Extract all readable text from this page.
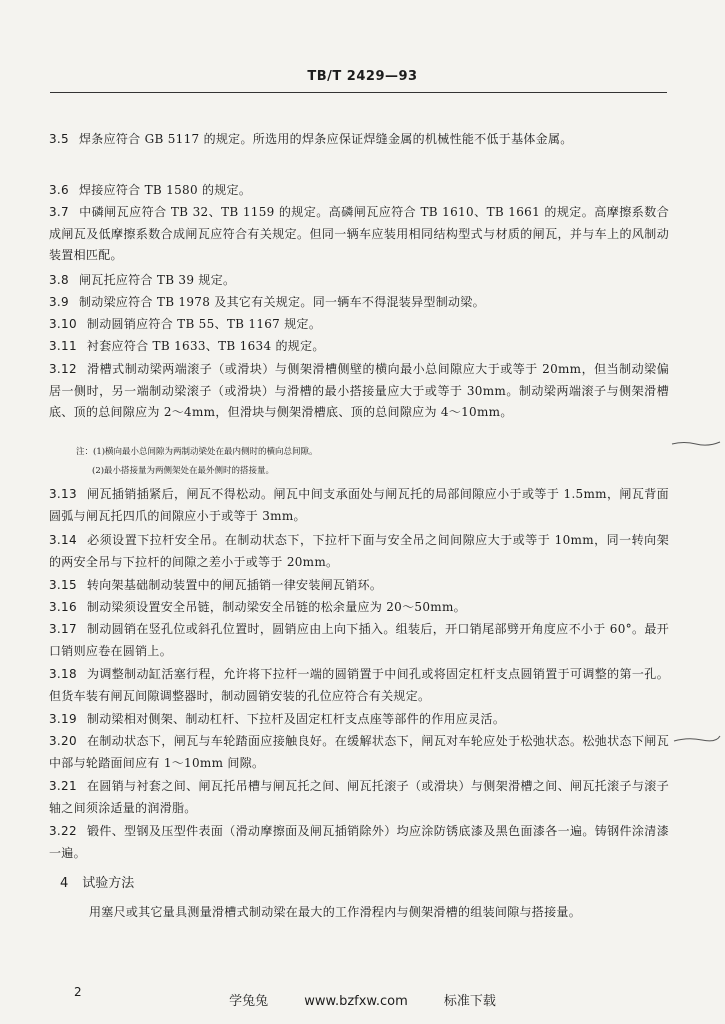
TB/T 2429—93
3.5 焊条应符合 GB 5117 的规定。所选用的焊条应保证焊缝金属的机械性能不低于基体金属。
3.6 焊接应符合 TB 1580 的规定。
3.7 中磷闸瓦应符合 TB 32、TB 1159 的规定。高磷闸瓦应符合 TB 1610、TB 1661 的规定。高摩擦系数合成闸瓦及低摩擦系数合成闸瓦应符合有关规定。但同一辆车应装用相同结构型式与材质的闸瓦，并与车上的风制动装置相匹配。
3.8 闸瓦托应符合 TB 39 规定。
3.9 制动梁应符合 TB 1978 及其它有关规定。同一辆车不得混装异型制动梁。
3.10 制动圆销应符合 TB 55、TB 1167 规定。
3.11 衬套应符合 TB 1633、TB 1634 的规定。
3.12 滑槽式制动梁两端滚子（或滑块）与侧架滑槽侧壁的横向最小总间隙应大于或等于 20mm，但当制动梁偏居一侧时，另一端制动梁滚子（或滑块）与滑槽的最小搭接量应大于或等于 30mm。制动梁两端滚子与侧架滑槽底、顶的总间隙应为 2～4mm，但滑块与侧架滑槽底、顶的总间隙应为 4～10mm。
注：(1)横向最小总间隙为两制动梁处在最内侧时的横向总间隙。
(2)最小搭接量为两侧架处在最外侧时的搭接量。
3.13 闸瓦插销插紧后，闸瓦不得松动。闸瓦中间支承面处与闸瓦托的局部间隙应小于或等于 1.5mm，闸瓦背面圆弧与闸瓦托四爪的间隙应小于或等于 3mm。
3.14 必须设置下拉杆安全吊。在制动状态下，下拉杆下面与安全吊之间间隙应大于或等于 10mm，同一转向架的两安全吊与下拉杆的间隙之差小于或等于 20mm。
3.15 转向架基础制动装置中的闸瓦插销一律安装闸瓦销环。
3.16 制动梁须设置安全吊链，制动梁安全吊链的松余量应为 20～50mm。
3.17 制动圆销在竖孔位或斜孔位置时，圆销应由上向下插入。组装后，开口销尾部劈开角度应不小于 60°。最开口销则应卷在圆销上。
3.18 为调整制动缸活塞行程，允许将下拉杆一端的圆销置于中间孔或将固定杠杆支点圆销置于可调整的第一孔。但货车装有闸瓦间隙调整器时，制动圆销安装的孔位应符合有关规定。
3.19 制动梁相对侧架、制动杠杆、下拉杆及固定杠杆支点座等部件的作用应灵活。
3.20 在制动状态下，闸瓦与车轮踏面应接触良好。在缓解状态下，闸瓦对车轮应处于松弛状态。松弛状态下闸瓦中部与轮踏面间应有 1～10mm 间隙。
3.21 在圆销与衬套之间、闸瓦托吊槽与闸瓦托之间、闸瓦托滚子（或滑块）与侧架滑槽之间、闸瓦托滚子与滚子轴之间须涂适量的润滑脂。
3.22 锻件、型钢及压型件表面（滑动摩擦面及闸瓦插销除外）均应涂防锈底漆及黑色面漆各一遍。铸钢件涂清漆一遍。
4 试验方法
用塞尺或其它量具测量滑槽式制动梁在最大的工作滑程内与侧架滑槽的组装间隙与搭接量。
2
学兔兔	www.bzfxw.com	标准下载
